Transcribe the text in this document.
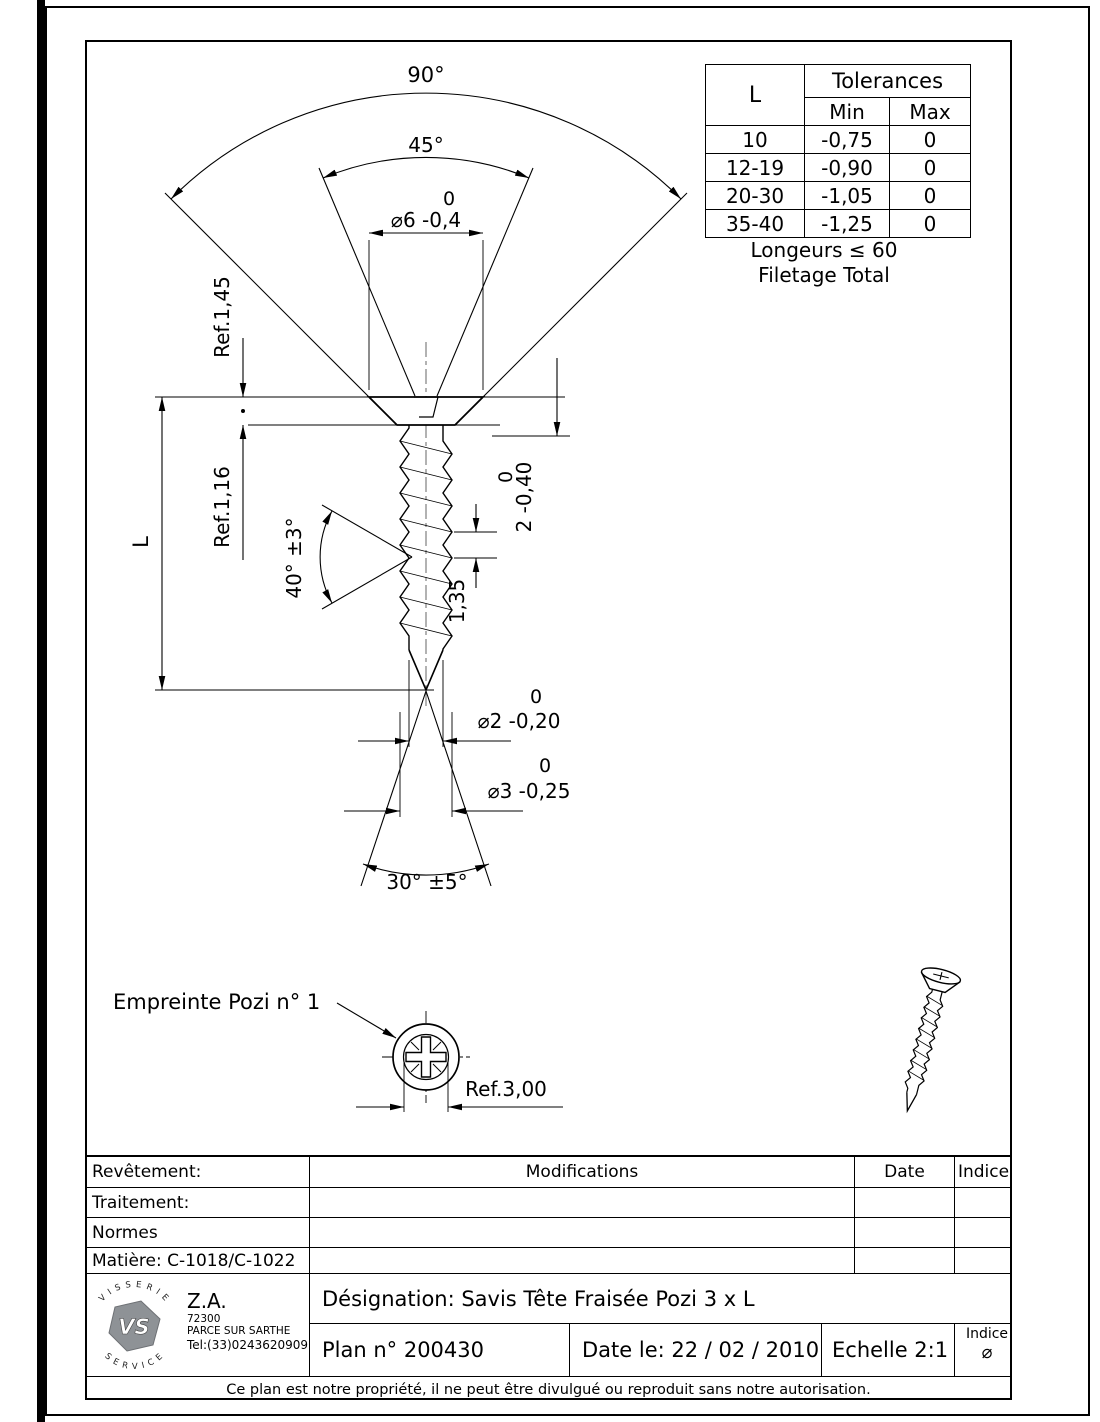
90°
45°
0
⌀6 -0,4
Ref.1,45
Ref.1,16
L	40° ±3°
0
2 -0,40
1,35
0
⌀2 -0,20
0
⌀3 -0,25
30° ±5°
Empreinte Pozi n° 1
Ref.3,00
L	Tolerances	
	Min	Max
10	-0,75	0
12-19	-0,90	0
20-30	-1,05	0
35-40	-1,25	0
Longeurs ≤ 60
Filetage Total
Revêtement:	Modifications	Date	Indice
Traitement:
Normes
Matière: C-1018/C-1022
VS
V I S S E R I E
S E R V I C E
Z.A.
72300
PARCE SUR SARTHE
Tel:(33)0243620909
Désignation: Savis Tête Fraisée Pozi 3 x L
Plan n° 200430	Date le: 22 / 02 / 2010 Echelle 2:1
Indice
⌀
Ce plan est notre propriété, il ne peut être divulgué ou reproduit sans notre autorisation.
